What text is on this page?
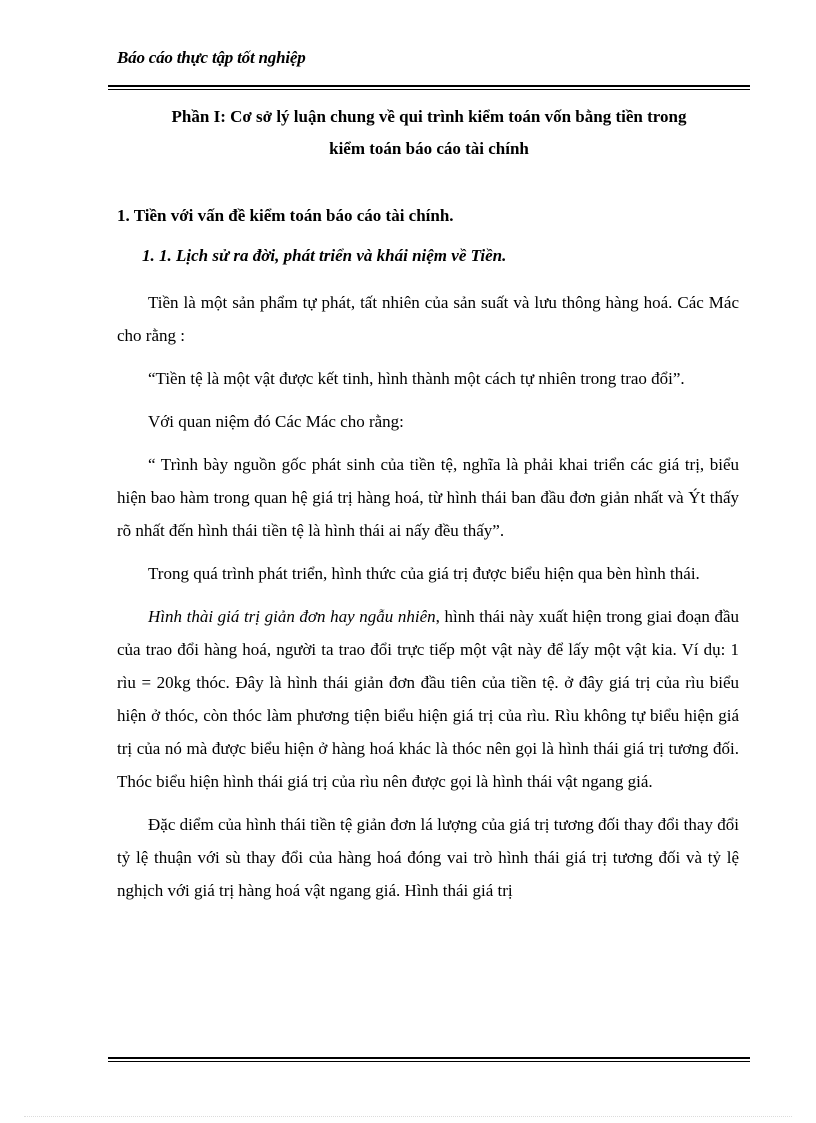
Báo cáo thực tập tốt nghiệp
Phần I: Cơ sở lý luận chung về qui trình kiểm toán vốn bằng tiền trong
kiểm toán báo cáo tài chính
1. Tiền với vấn đề kiểm toán báo cáo tài chính.
1. 1. Lịch sử ra đời, phát triển và khái niệm về Tiền.

Tiền là một sản phẩm tự phát, tất nhiên của sản suất và lưu thông hàng hoá. Các Mác cho rằng :

“Tiền tệ là một vật được kết tinh, hình thành một cách tự nhiên trong trao đổi”.

Với quan niệm đó Các Mác cho rằng:

“ Trình bày nguồn gốc phát sinh của tiền tệ, nghĩa là phải khai triển các giá trị, biểu hiện bao hàm trong quan hệ giá trị hàng hoá, từ hình thái ban đầu đơn giản nhất và Ýt thấy rõ nhất đến hình thái tiền tệ là hình thái ai nấy đều thấy”.

Trong quá trình phát triển, hình thức của giá trị được biểu hiện qua bèn hình thái.

Hình thài giá trị giản đơn hay ngẫu nhiên, hình thái này xuất hiện trong giai đoạn đầu của trao đổi hàng hoá, người ta trao đổi trực tiếp một vật này để lấy một vật kia. Ví dụ: 1 rìu = 20kg thóc. Đây là hình thái giản đơn đầu tiên của tiền tệ. ở đây giá trị của rìu biểu hiện ở thóc, còn thóc làm phương tiện biểu hiện giá trị của rìu. Rìu không tự biểu hiện giá trị của nó mà được biểu hiện ở hàng hoá khác là thóc nên gọi là hình thái giá trị tương đối. Thóc biểu hiện hình thái giá trị của rìu nên được gọi là hình thái vật ngang giá.

Đặc diểm của hình thái tiền tệ giản đơn lá lượng của giá trị tương đối thay đổi thay đổi tỷ lệ thuận với sù thay đổi của hàng hoá đóng vai trò hình thái giá trị tương đối và tỷ lệ nghịch với giá trị hàng hoá vật ngang giá. Hình thái giá trị
